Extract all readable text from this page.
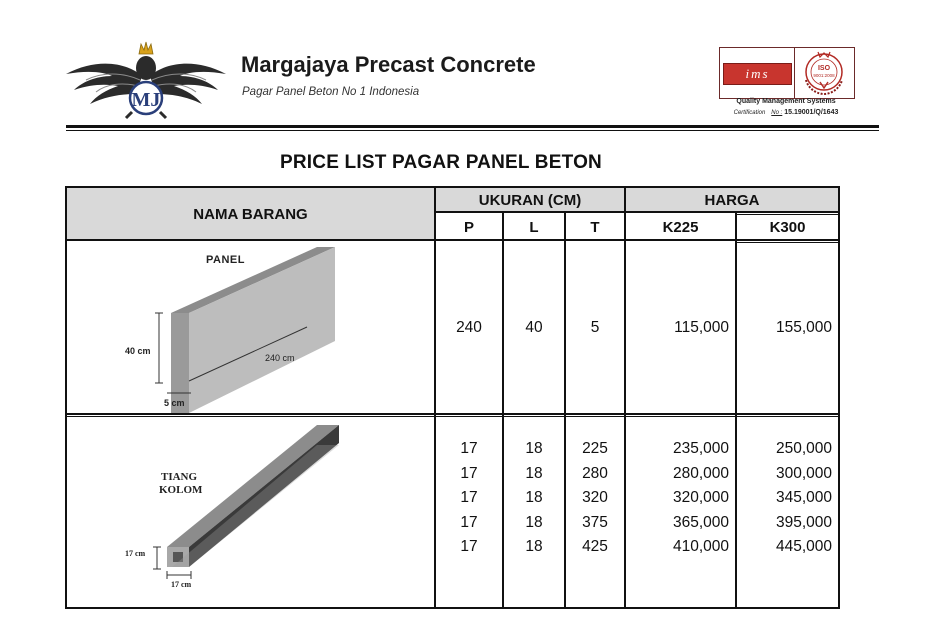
MJ
Margajaya Precast Concrete
Pagar Panel Beton No 1 Indonesia
ims	ISO
9001:2008
Quality Management Systems
Certification No : 15.19001/Q/1643
PRICE LIST PAGAR PANEL BETON
NAMA BARANG
UKURAN (CM)	HARGA
P	L	T	K225	K300
PANEL
40 cm
240 cm
5 cm
240	40	5	115,000	155,000
TIANG
KOLOM
17 cm
17 cm
17	18	225	235,000	250,000
17	18	280	280,000	300,000
17	18	320	320,000	345,000
17	18	375	365,000	395,000
17	18	425	410,000	445,000
